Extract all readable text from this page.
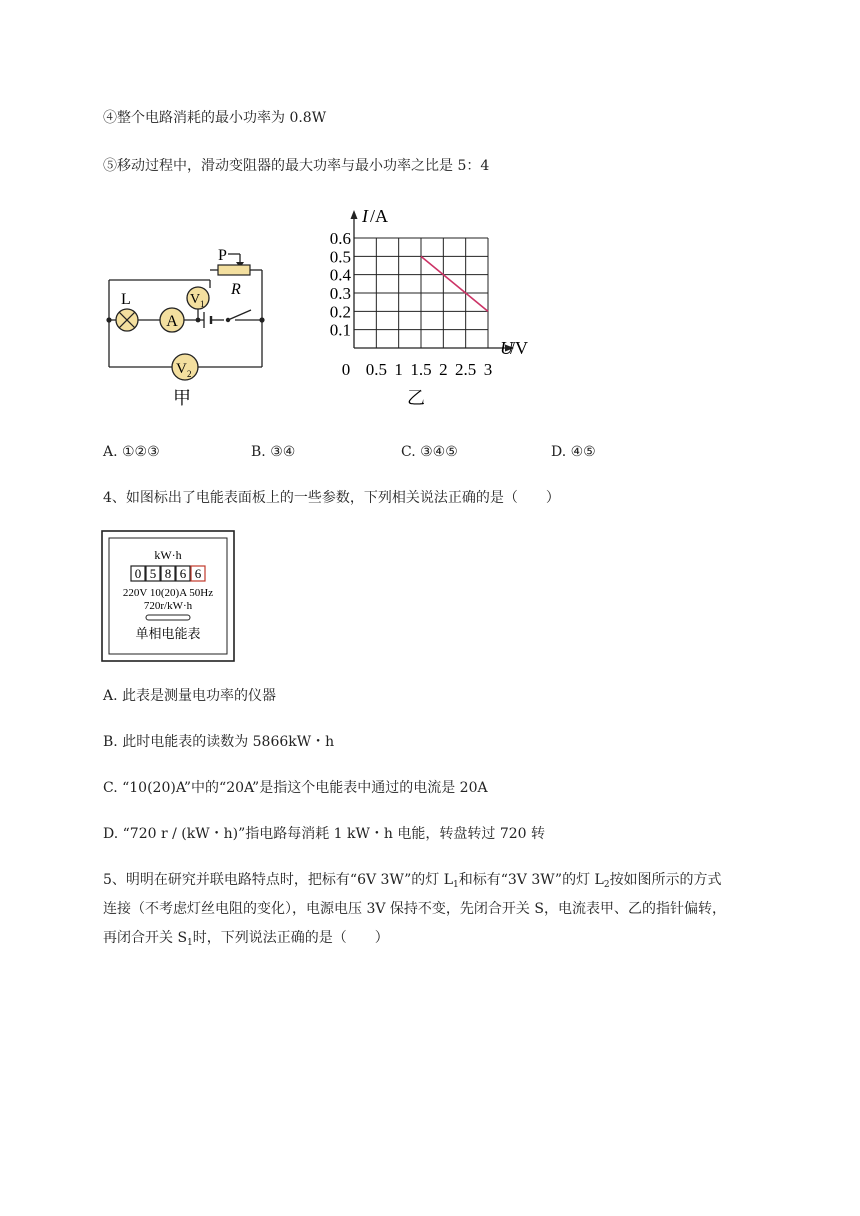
④整个电路消耗的最小功率为 0.8W
⑤移动过程中，滑动变阻器的最大功率与最小功率之比是 5：4
P
R
L
A
V 1
V 2
甲
0.1
0.2
0.3
0.4
0.5
0.6
0.5 1 1.5 2 2.5 3
I /A
U
/V
0
乙
A. ①②③	B. ③④	C. ③④⑤	D. ④⑤
4、如图标出了电能表面板上的一些参数，下列相关说法正确的是（　　）
kW·h
0 5 8 6 6
220V 10(20)A 50Hz
720r/kW·h
单相电能表
A. 此表是测量电功率的仪器
B. 此时电能表的读数为 5866kW・h
C. “10(20)A”中的“20A”是指这个电能表中通过的电流是 20A
D. “720 r / (kW・h)”指电路每消耗 1 kW・h 电能，转盘转过 720 转
5、明明在研究并联电路特点时，把标有“6V 3W”的灯 $L_1$和标有“3V 3W”的灯 $L_2$按如图所示的方式
连接（不考虑灯丝电阻的变化），电源电压 3V 保持不变，先闭合开关 S，电流表甲、乙的指针偏转，
再闭合开关 $S_1$时，下列说法正确的是（　　）
